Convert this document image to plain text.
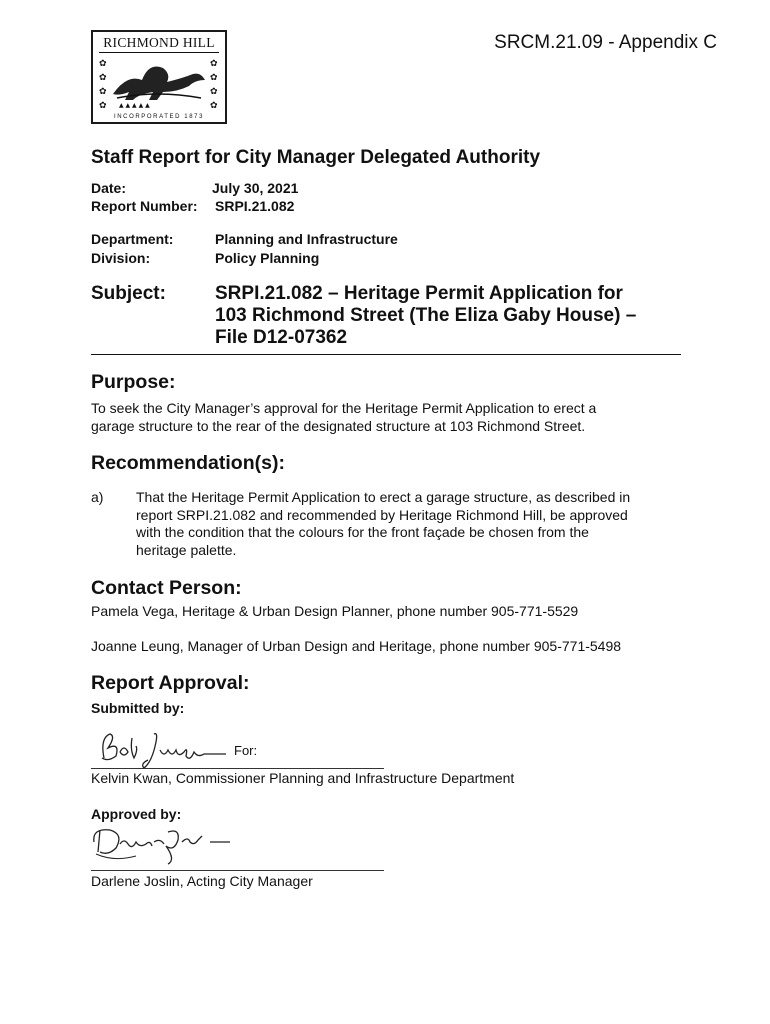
RICHMOND HILL
✿
✿
✿
✿
✿
✿
✿
✿
▲ ▲ ▲ ▲ ▲
INCORPORATED 1873
SRCM.21.09 - Appendix C
Staff Report for City Manager Delegated Authority
Date:	July 30, 2021
Report Number: SRPI.21.082
Department:	Planning and Infrastructure
Division:	Policy Planning
Subject:	SRPI.21.082 – Heritage Permit Application for
103 Richmond Street (The Eliza Gaby House) –
File D12-07362
Purpose:
To seek the City Manager’s approval for the Heritage Permit Application to erect a
garage structure to the rear of the designated structure at 103 Richmond Street.
Recommendation(s):
a) That the Heritage Permit Application to erect a garage structure, as described in
report SRPI.21.082 and recommended by Heritage Richmond Hill, be approved
with the condition that the colours for the front façade be chosen from the
heritage palette.
Contact Person:
Pamela Vega, Heritage & Urban Design Planner, phone number 905-771-5529
Joanne Leung, Manager of Urban Design and Heritage, phone number 905-771-5498
Report Approval:
Submitted by:
For:
Kelvin Kwan, Commissioner Planning and Infrastructure Department
Approved by:
Darlene Joslin, Acting City Manager
